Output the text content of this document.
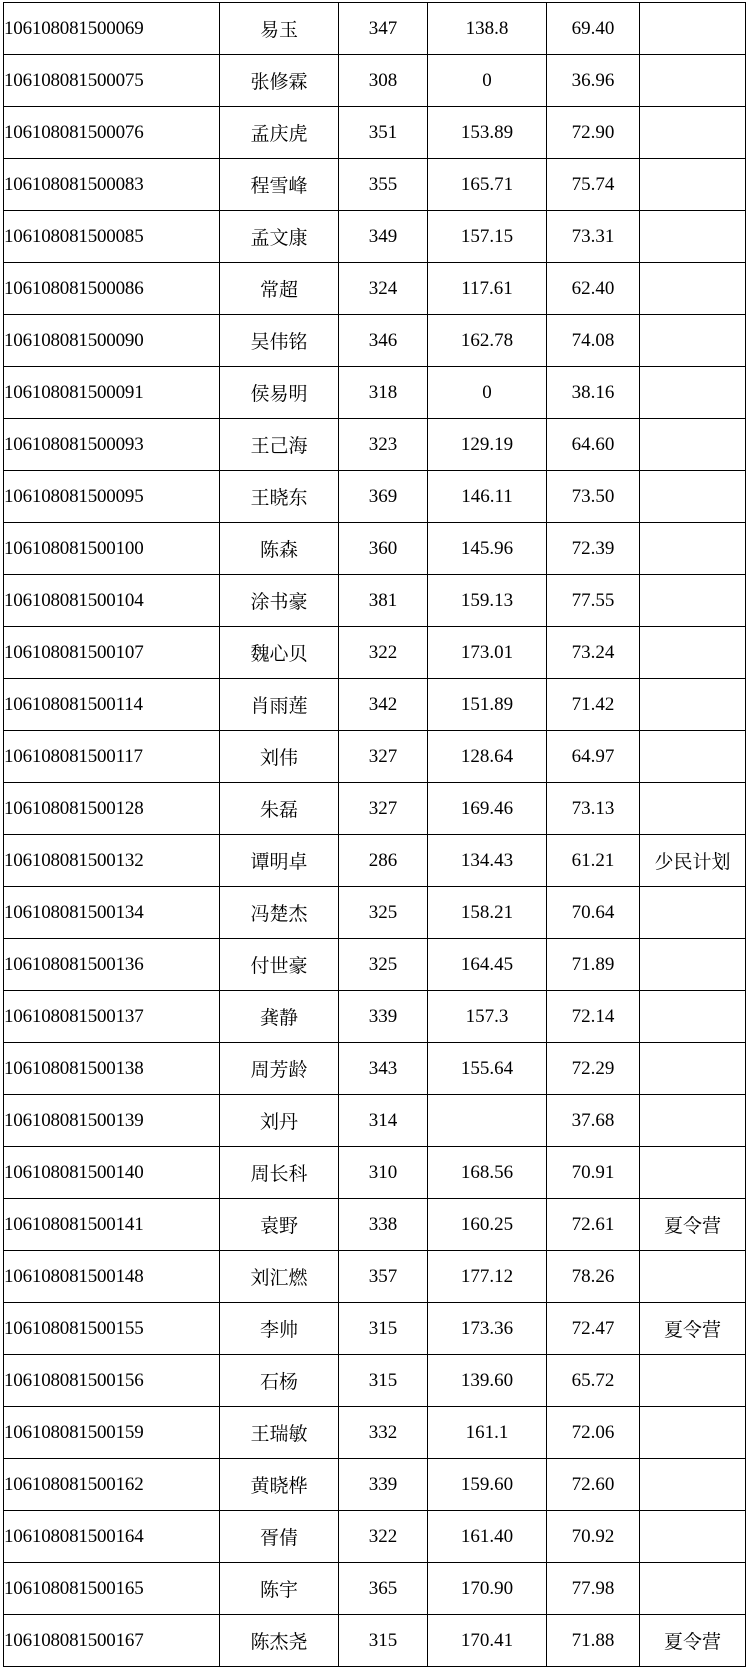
106108081500069	易玉	347	138.8	69.40	
106108081500075	张修霖	308	0	36.96	
106108081500076	孟庆虎	351	153.89	72.90	
106108081500083	程雪峰	355	165.71	75.74	
106108081500085	孟文康	349	157.15	73.31	
106108081500086	常超	324	117.61	62.40	
106108081500090	吴伟铭	346	162.78	74.08	
106108081500091	侯易明	318	0	38.16	
106108081500093	王己海	323	129.19	64.60	
106108081500095	王晓东	369	146.11	73.50	
106108081500100	陈森	360	145.96	72.39	
106108081500104	涂书豪	381	159.13	77.55	
106108081500107	魏心贝	322	173.01	73.24	
106108081500114	肖雨莲	342	151.89	71.42	
106108081500117	刘伟	327	128.64	64.97	
106108081500128	朱磊	327	169.46	73.13	
106108081500132	谭明卓	286	134.43	61.21	少民计划
106108081500134	冯楚杰	325	158.21	70.64	
106108081500136	付世豪	325	164.45	71.89	
106108081500137	龚静	339	157.3	72.14	
106108081500138	周芳龄	343	155.64	72.29	
106108081500139	刘丹	314		37.68	
106108081500140	周长科	310	168.56	70.91	
106108081500141	袁野	338	160.25	72.61	夏令营
106108081500148	刘汇燃	357	177.12	78.26	
106108081500155	李帅	315	173.36	72.47	夏令营
106108081500156	石杨	315	139.60	65.72	
106108081500159	王瑞敏	332	161.1	72.06	
106108081500162	黄晓桦	339	159.60	72.60	
106108081500164	胥倩	322	161.40	70.92	
106108081500165	陈宇	365	170.90	77.98	
106108081500167	陈杰尧	315	170.41	71.88	夏令营
